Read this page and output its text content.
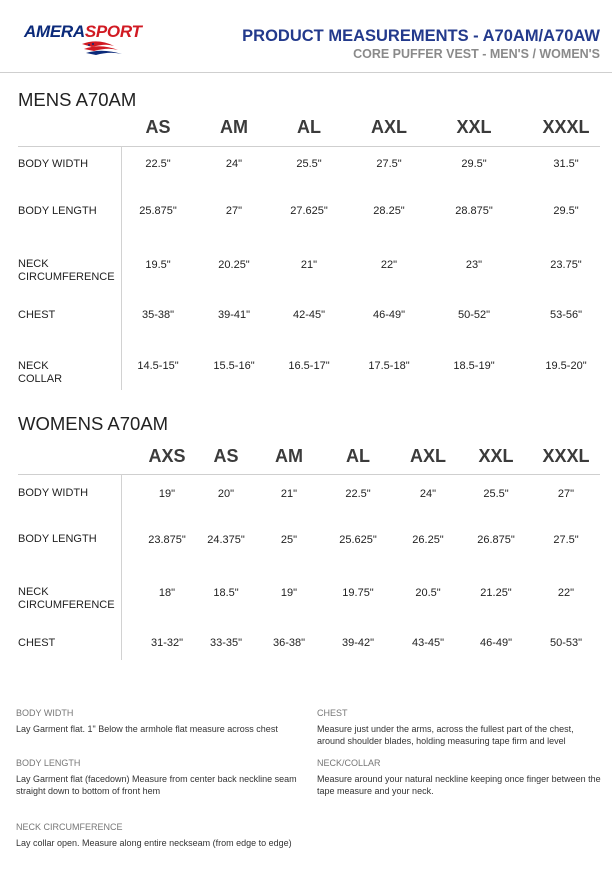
AMERASPORT	PRODUCT MEASUREMENTS - A70AM/A70AW
CORE PUFFER VEST - MEN'S / WOMEN'S
MENS A70AM
AS	AM	AL	AXL	XXL	XXXL
BODY WIDTH	22.5"	24"	25.5"	27.5"	29.5"	31.5"
BODY LENGTH	25.875"	27"	27.625"	28.25"	28.875"	29.5"
NECK
CIRCUMFERENCE
19.5"	20.25"	21"	22"	23"	23.75"
CHEST	35-38"	39-41"	42-45"	46-49"	50-52"	53-56"
NECK
COLLAR
14.5-15"	15.5-16"	16.5-17"	17.5-18"	18.5-19"	19.5-20"
WOMENS A70AM
AXS AS AM AL AXL XXL XXXL
BODY WIDTH	19"	20"	21"	22.5"	24"	25.5"	27"
BODY LENGTH	23.875" 24.375"	25"	25.625"	26.25"	26.875"	27.5"
NECK
CIRCUMFERENCE
18"	18.5"	19"	19.75"	20.5"	21.25"	22"
CHEST	31-32" 33-35"	36-38"	39-42"	43-45"	46-49"	50-53"
BODY WIDTH
Lay Garment flat. 1" Below the armhole flat measure across chest
CHEST
Measure just under the arms, across the fullest part of the chest, around shoulder blades, holding measuring tape firm and level
BODY LENGTH
Lay Garment flat (facedown) Measure from center back neckline seam straight down to bottom of front hem
NECK/COLLAR
Measure around your natural neckline keeping once finger between the tape measure and your neck.
NECK CIRCUMFERENCE
Lay collar open. Measure along entire neckseam (from edge to edge)
